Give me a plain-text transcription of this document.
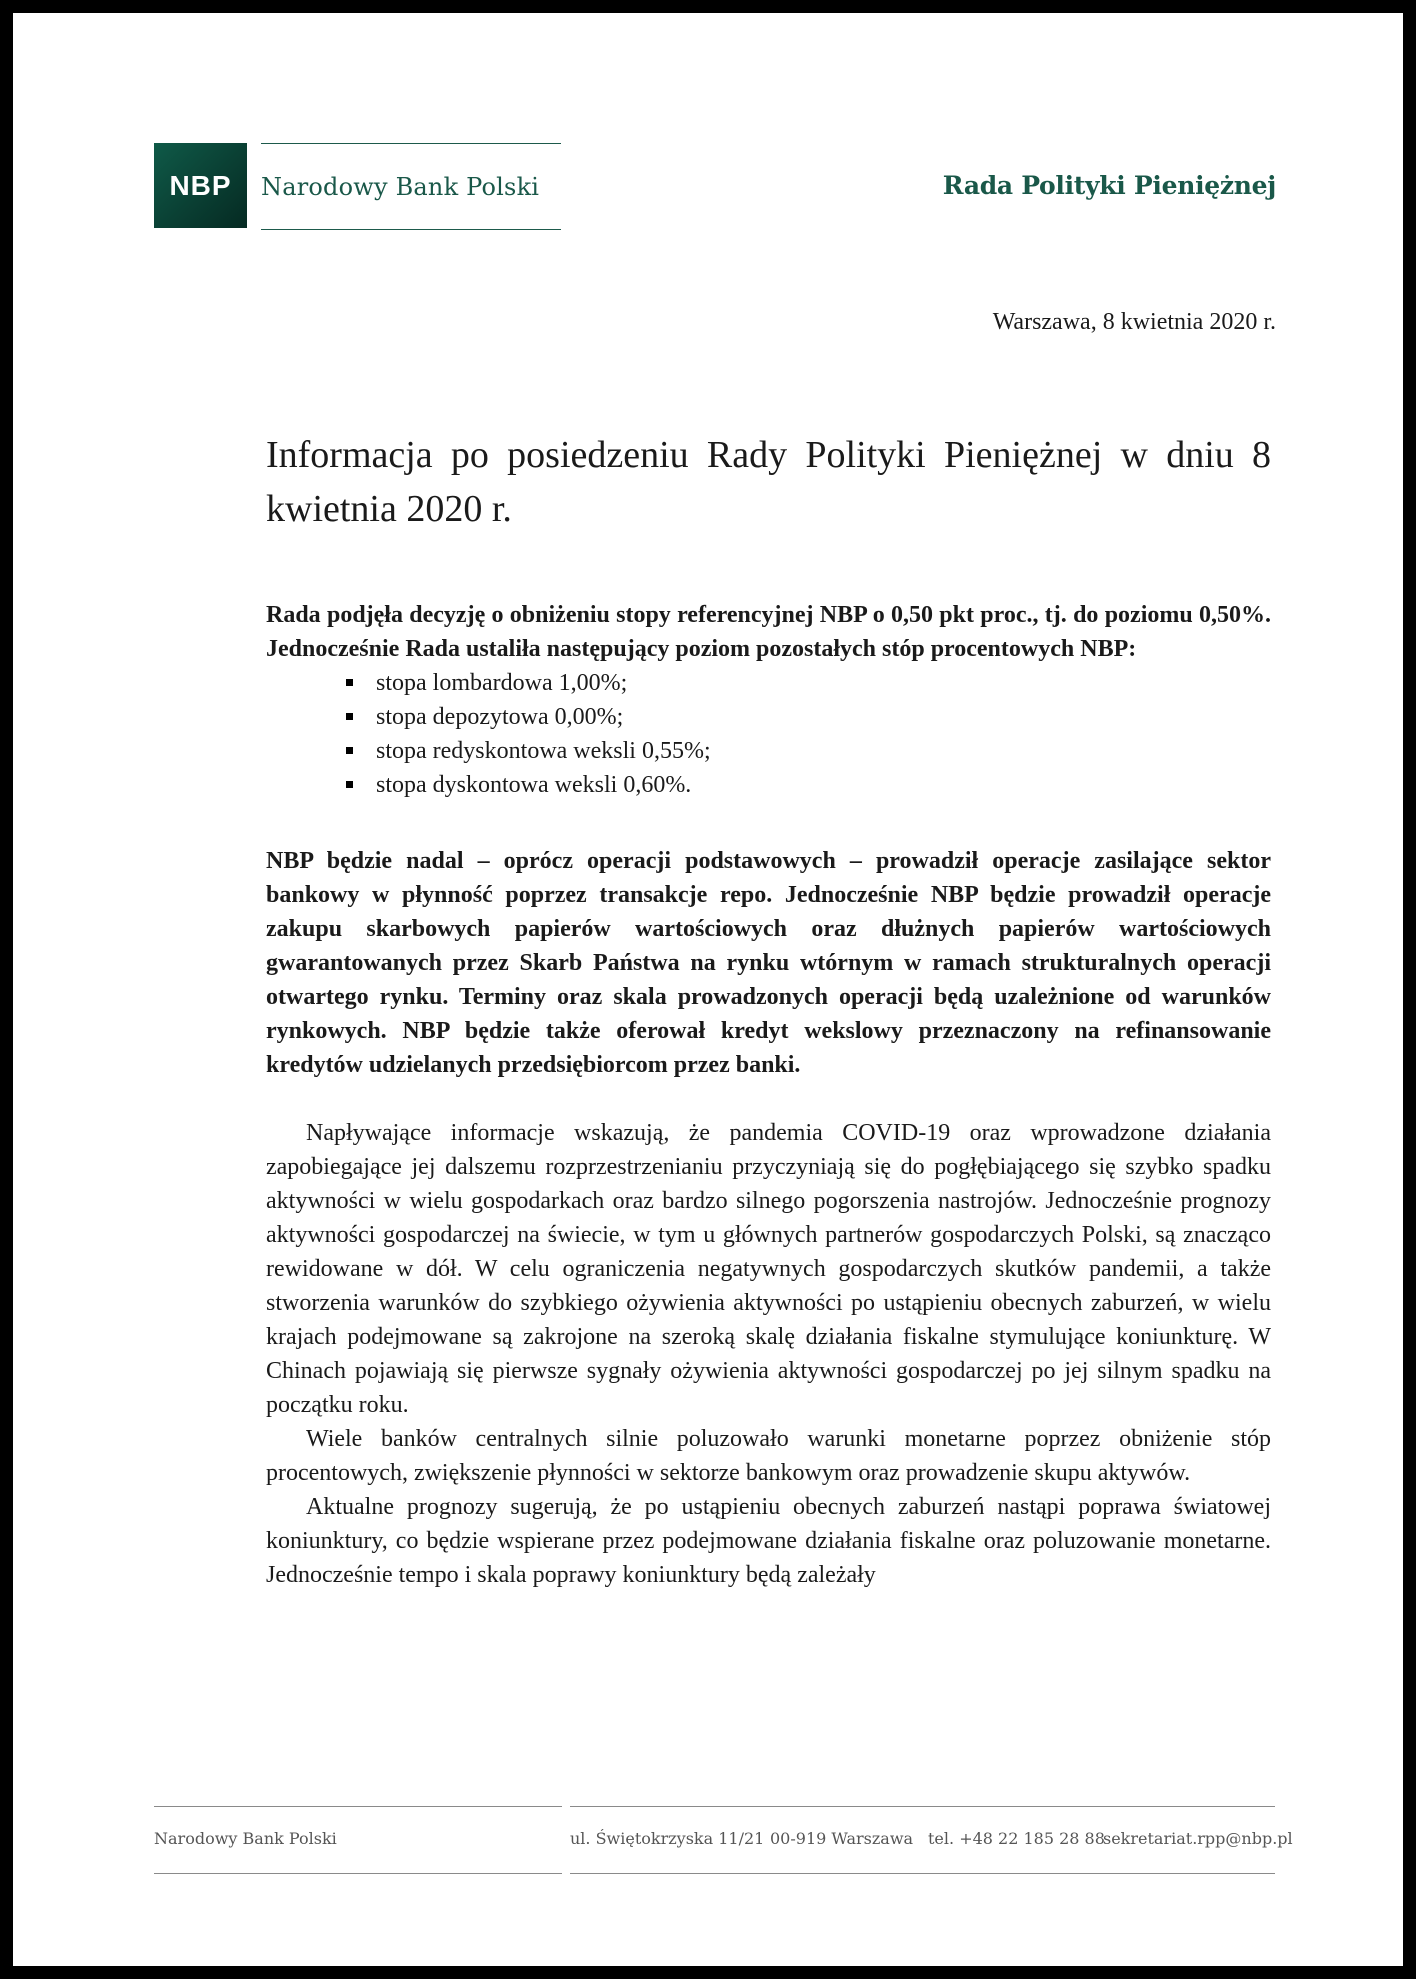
NBP Narodowy Bank Polski	Rada Polityki Pieniężnej
Warszawa, 8 kwietnia 2020 r.
Informacja po posiedzeniu Rady Polityki Pieniężnej w dniu 8 kwietnia 2020 r.

Rada podjęła decyzję o obniżeniu stopy referencyjnej NBP o 0,50 pkt proc., tj. do poziomu 0,50%. Jednocześnie Rada ustaliła następujący poziom pozostałych stóp procentowych NBP:

stopa lombardowa 1,00%;
stopa depozytowa 0,00%;
stopa redyskontowa weksli 0,55%;
stopa dyskontowa weksli 0,60%.

NBP będzie nadal – oprócz operacji podstawowych – prowadził operacje zasilające sektor bankowy w płynność poprzez transakcje repo. Jednocześnie NBP będzie prowadził operacje zakupu skarbowych papierów wartościowych oraz dłużnych papierów wartościowych gwarantowanych przez Skarb Państwa na rynku wtórnym w ramach strukturalnych operacji otwartego rynku. Terminy oraz skala prowadzonych operacji będą uzależnione od warunków rynkowych. NBP będzie także oferował kredyt wekslowy przeznaczony na refinansowanie kredytów udzielanych przedsiębiorcom przez banki.

Napływające informacje wskazują, że pandemia COVID-19 oraz wprowadzone działania zapobiegające jej dalszemu rozprzestrzenianiu przyczyniają się do pogłębiającego się szybko spadku aktywności w wielu gospodarkach oraz bardzo silnego pogorszenia nastrojów. Jednocześnie prognozy aktywności gospodarczej na świecie, w tym u głównych partnerów gospodarczych Polski, są znacząco rewidowane w dół. W celu ograniczenia negatywnych gospodarczych skutków pandemii, a także stworzenia warunków do szybkiego ożywienia aktywności po ustąpieniu obecnych zaburzeń, w wielu krajach podejmowane są zakrojone na szeroką skalę działania fiskalne stymulujące koniunkturę. W Chinach pojawiają się pierwsze sygnały ożywienia aktywności gospodarczej po jej silnym spadku na początku roku.

Wiele banków centralnych silnie poluzowało warunki monetarne poprzez obniżenie stóp procentowych, zwiększenie płynności w sektorze bankowym oraz prowadzenie skupu aktywów.

Aktualne prognozy sugerują, że po ustąpieniu obecnych zaburzeń nastąpi poprawa światowej koniunktury, co będzie wspierane przez podejmowane działania fiskalne oraz poluzowanie monetarne. Jednocześnie tempo i skala poprawy koniunktury będą zależały

Narodowy Bank Polski	ul. Świętokrzyska 11/21 00-919 Warszawa tel. +48 22 185 28 88
sekretariat.rpp@nbp.pl
